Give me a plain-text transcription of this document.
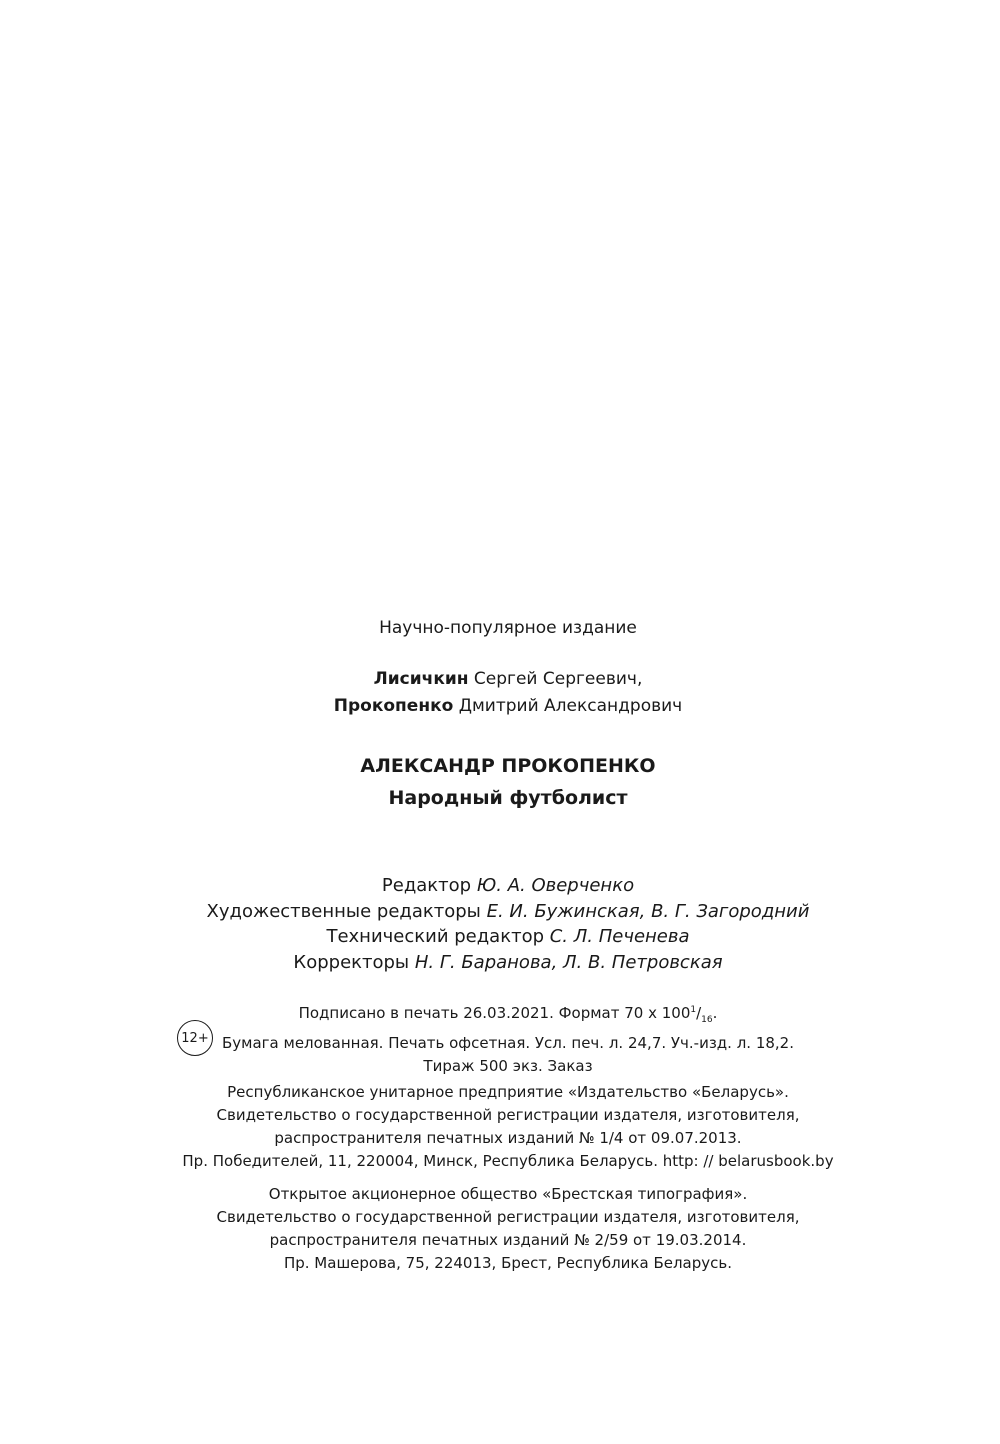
Научно-популярное издание
Лисичкин Сергей Сергеевич,
Прокопенко Дмитрий Александрович
АЛЕКСАНДР ПРОКОПЕНКО
Народный футболист
Редактор Ю. А. Оверченко
Художественные редакторы Е. И. Бужинская, В. Г. Загородний
Технический редактор С. Л. Печенева
Корректоры Н. Г. Баранова, Л. В. Петровская
12+
Подписано в печать 26.03.2021. Формат 70 x $100^1/_{16}$.
Бумага мелованная. Печать офсетная. Усл. печ. л. 24,7. Уч.-изд. л. 18,2.
Тираж 500 экз. Заказ
Республиканское унитарное предприятие «Издательство «Беларусь».
Свидетельство о государственной регистрации издателя, изготовителя,
распространителя печатных изданий № 1/4 от 09.07.2013.
Пр. Победителей, 11, 220004, Минск, Республика Беларусь. http: // belarusbook.by
Открытое акционерное общество «Брестская типография».
Свидетельство о государственной регистрации издателя, изготовителя,
распространителя печатных изданий № 2/59 от 19.03.2014.
Пр. Машерова, 75, 224013, Брест, Республика Беларусь.
